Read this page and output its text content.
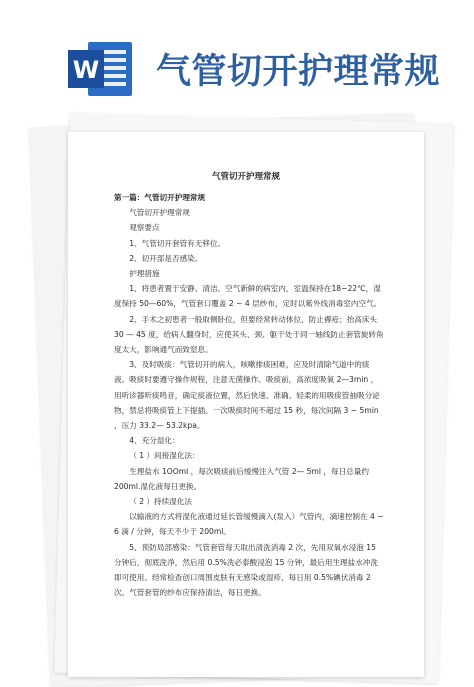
W 气管切开护理常规
气管切开护理常规

第一篇：气管切开护理常规

气管切开护理常规

观察要点

1、气管切开套管有无移位。

2、切开部是否感染。

护理措施

1、将患者置于安静、清洁、空气新鲜的病室内，室温保持在18~22℃，湿度保持 50—60%，气管套口覆盖 2 ~ 4 层纱布，定时以紫外线消毒室内空气。

2、手术之初患者一般取侧卧位，但要经常转动体位，防止褥疮；抬高床头 30 — 45 度，给病人翻身时，应使其头、颈、躯干处于同一轴线防止套管旋转角度太大，影响通气而致窒息。

3、及时吸痰：气管切开的病人，咳嗽排痰困难，应及时清除气道中的痰液。吸痰时要遵守操作规程，注意无菌操作。吸痰前，高浓度吸氧 2—3min ，用听诊器听痰鸣音，确定痰液位置，然后快速、准确、轻柔的用吸痰管抽吸分泌物，禁忌将吸痰管上下提插。一次吸痰时间不超过 15 秒，每次间隔 3 ~ 5min ，压力 33.2— 53.2kpa。

4、充分湿化：

（ 1 ）间接湿化法：

生理盐水 1OOml ，每次吸痰前后缓慢注入气管 2— 5ml ，每日总量约 200ml.湿化液每日更换。

（ 2 ）持续湿化法

以输液的方式将湿化液通过延长管缓慢滴入(泵入）气管内，滴速控制在 4 ~ 6 滴 / 分钟，每天不少于 200ml。

5、预防局部感染：气管套管每天取出清洗消毒 2 次，先用双氧水浸泡 15 分钟后，彻底洗净，然后用 0.5%洗必泰酸浸泡 15 分钟，最后用生理盐水冲洗即可使用。经常检查创口周围皮肤有无感染或湿疹，每日用 0.5%碘伏消毒 2 次。气管套管的纱布应保持清洁，每日更换。
